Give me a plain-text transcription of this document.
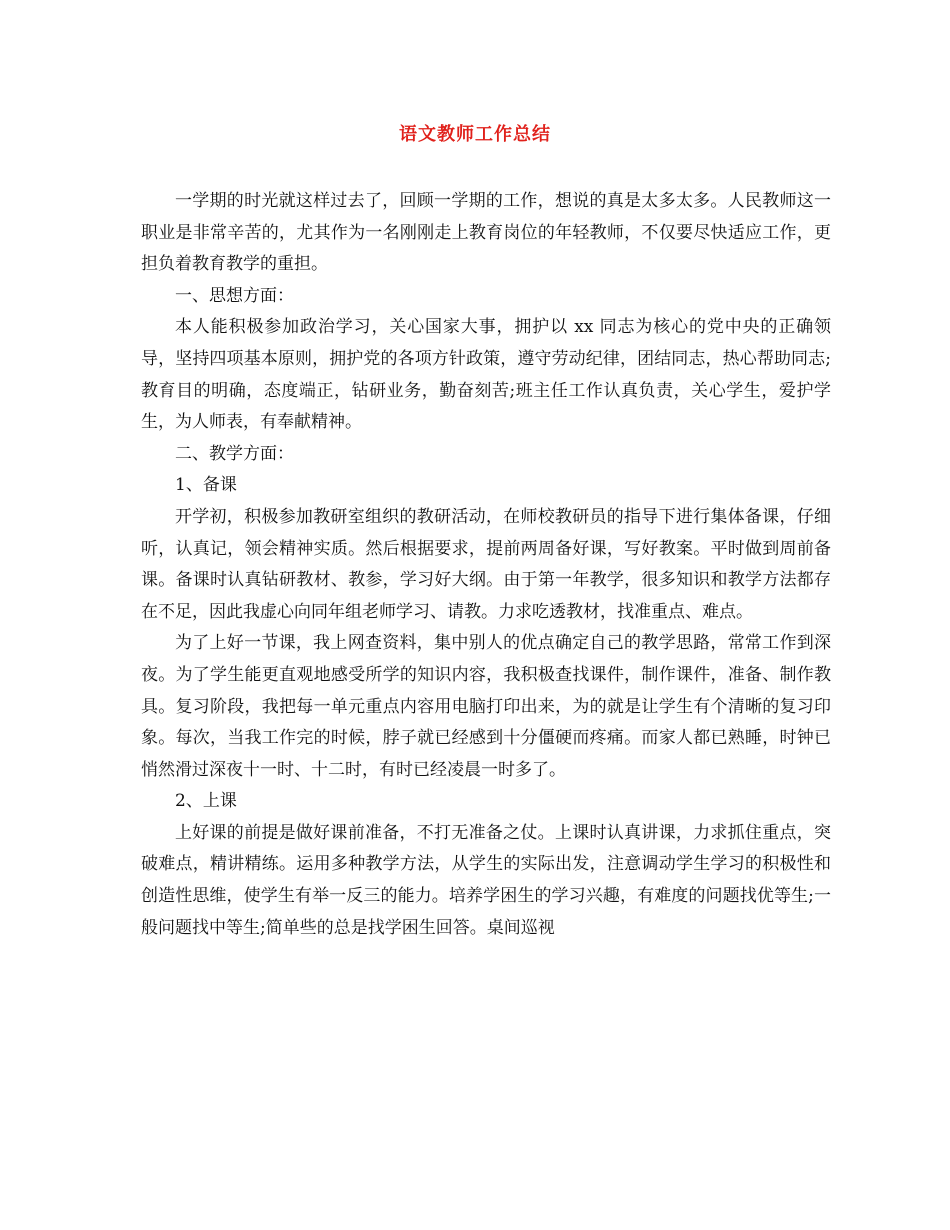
语文教师工作总结

一学期的时光就这样过去了，回顾一学期的工作，想说的真是太多太多。人民教师这一职业是非常辛苦的，尤其作为一名刚刚走上教育岗位的年轻教师，不仅要尽快适应工作，更担负着教育教学的重担。

一、思想方面：

本人能积极参加政治学习，关心国家大事，拥护以 xx 同志为核心的党中央的正确领导，坚持四项基本原则，拥护党的各项方针政策，遵守劳动纪律，团结同志，热心帮助同志;教育目的明确，态度端正，钻研业务，勤奋刻苦;班主任工作认真负责，关心学生，爱护学生，为人师表，有奉献精神。

二、教学方面：

1、备课

开学初，积极参加教研室组织的教研活动，在师校教研员的指导下进行集体备课，仔细听，认真记，领会精神实质。然后根据要求，提前两周备好课，写好教案。平时做到周前备课。备课时认真钻研教材、教参，学习好大纲。由于第一年教学，很多知识和教学方法都存在不足，因此我虚心向同年组老师学习、请教。力求吃透教材，找准重点、难点。

为了上好一节课，我上网查资料，集中别人的优点确定自己的教学思路，常常工作到深夜。为了学生能更直观地感受所学的知识内容，我积极查找课件，制作课件，准备、制作教具。复习阶段，我把每一单元重点内容用电脑打印出来，为的就是让学生有个清晰的复习印象。每次，当我工作完的时候，脖子就已经感到十分僵硬而疼痛。而家人都已熟睡，时钟已悄然滑过深夜十一时、十二时，有时已经凌晨一时多了。

2、上课

上好课的前提是做好课前准备，不打无准备之仗。上课时认真讲课，力求抓住重点，突破难点，精讲精练。运用多种教学方法，从学生的实际出发，注意调动学生学习的积极性和创造性思维，使学生有举一反三的能力。培养学困生的学习兴趣，有难度的问题找优等生;一般问题找中等生;简单些的总是找学困生回答。桌间巡视
